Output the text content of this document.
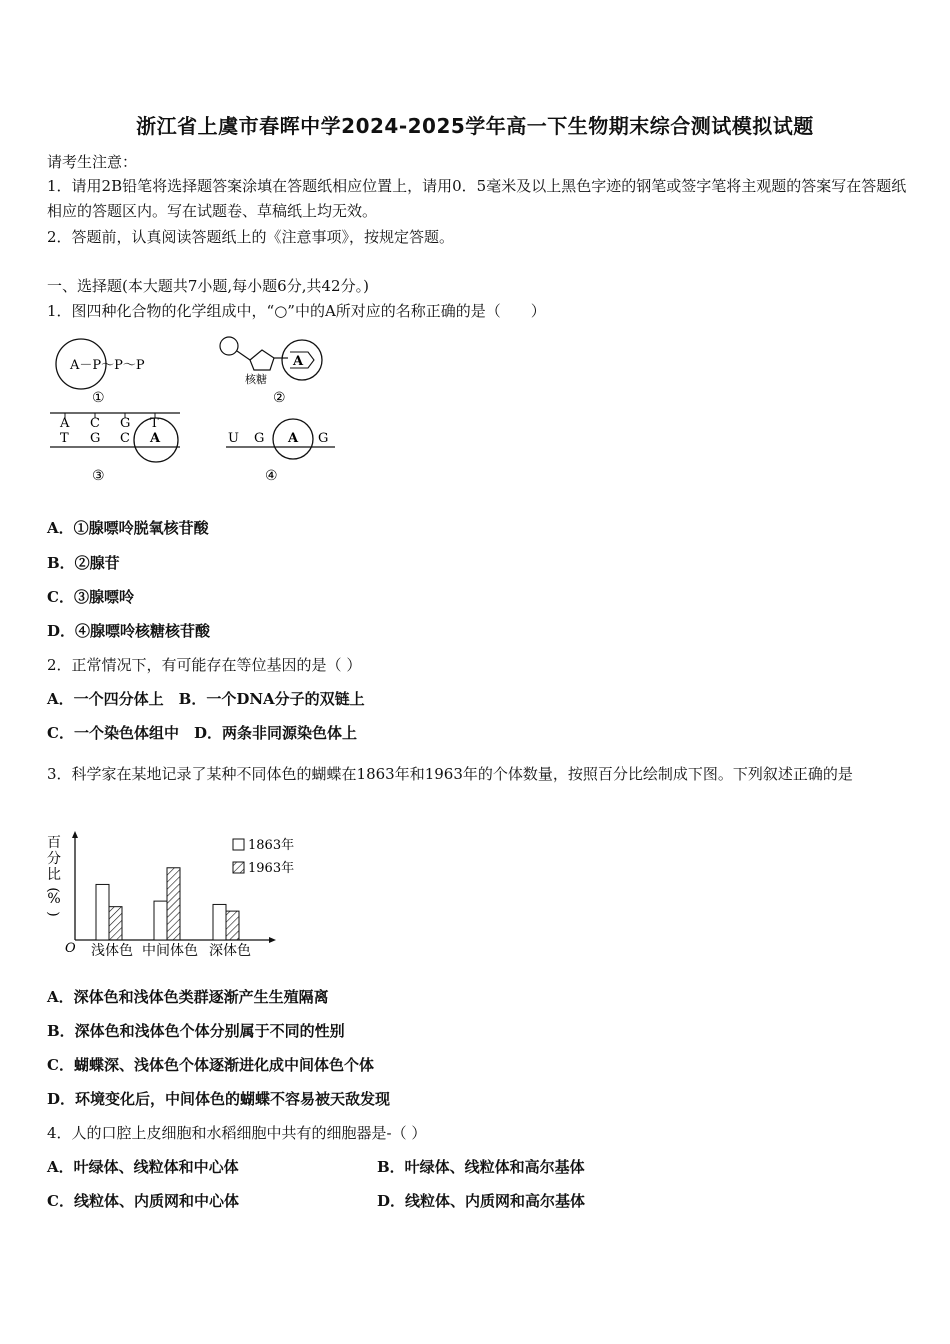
浙江省上虞市春晖中学2024-2025学年高一下生物期末综合测试模拟试题
请考生注意：
1．请用2B铅笔将选择题答案涂填在答题纸相应位置上，请用0．5毫米及以上黑色字迹的钢笔或签字笔将主观题的答案写在答题纸相应的答题区内。写在试题卷、草稿纸上均无效。
2．答题前，认真阅读答题纸上的《注意事项》，按规定答题。
一、选择题(本大题共7小题,每小题6分,共42分。)
1．图四种化合物的化学组成中，“○”中的A所对应的名称正确的是（　　）
A－P～P～P
①
A
核糖
②
A C G T
T G C A
③
U G A G
④
A．①腺嘌呤脱氧核苷酸
B．②腺苷
C．③腺嘌呤
D．④腺嘌呤核糖核苷酸
2．正常情况下，有可能存在等位基因的是（ ）
A．一个四分体上　B．一个DNA分子的双链上
C．一个染色体组中　D．两条非同源染色体上
3．科学家在某地记录了某种不同体色的蝴蝶在1863年和1963年的个体数量，按照百分比绘制成下图。下列叙述正确的是
百
分
比
(
%
)
O 浅体色 中间体色 深体色
1863年
1963年
A．深体色和浅体色类群逐渐产生生殖隔离
B．深体色和浅体色个体分别属于不同的性别
C．蝴蝶深、浅体色个体逐渐进化成中间体色个体
D．环境变化后，中间体色的蝴蝶不容易被天敌发现
4．人的口腔上皮细胞和水稻细胞中共有的细胞器是-（ ）
A．叶绿体、线粒体和中心体	B．叶绿体、线粒体和高尔基体
C．线粒体、内质网和中心体	D．线粒体、内质网和高尔基体
